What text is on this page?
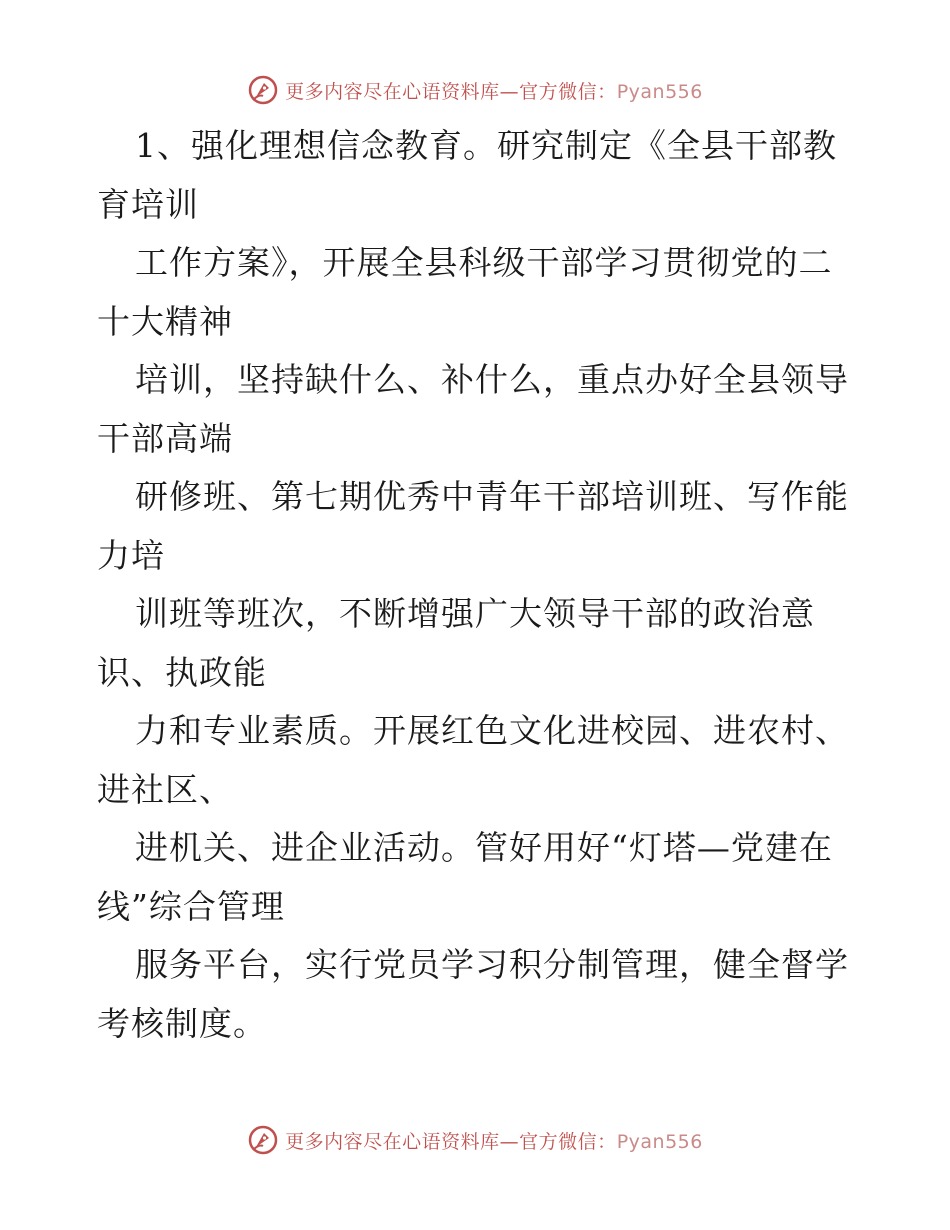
更多内容尽在心语资料库—官方微信：Pyan556
1、强化理想信念教育。研究制定《全县干部教
育培训
工作方案》，开展全县科级干部学习贯彻党的二
十大精神
培训，坚持缺什么、补什么，重点办好全县领导
干部高端
研修班、第七期优秀中青年干部培训班、写作能
力培
训班等班次，不断增强广大领导干部的政治意
识、执政能
力和专业素质。开展红色文化进校园、进农村、
进社区、
进机关、进企业活动。管好用好“灯塔—党建在
线”综合管理
服务平台，实行党员学习积分制管理，健全督学
考核制度。
更多内容尽在心语资料库—官方微信：Pyan556
